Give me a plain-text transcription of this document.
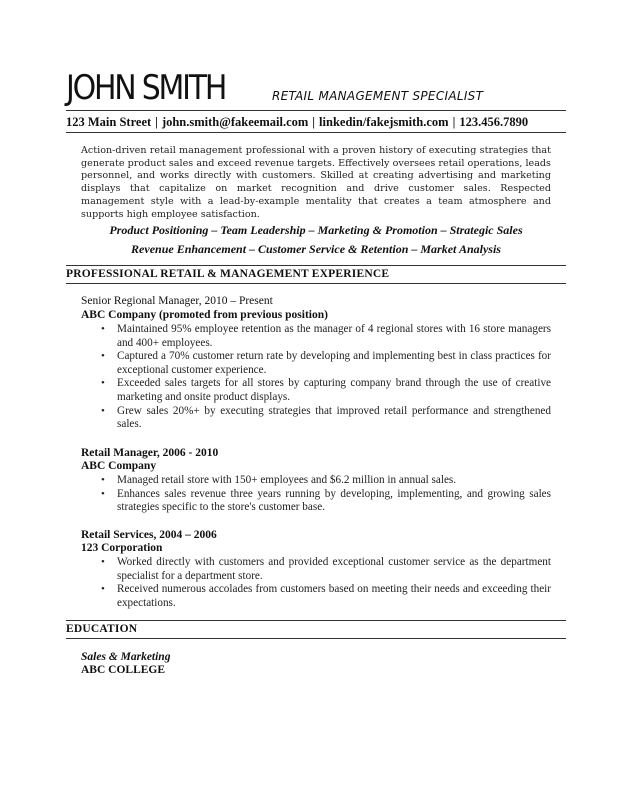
JOHN SMITH	RETAIL MANAGEMENT SPECIALIST
123 Main Street | john.smith@fakeemail.com | linkedin/fakejsmith.com | 123.456.7890
Action-driven retail management professional with a proven history of executing strategies that generate product sales and exceed revenue targets. Effectively oversees retail operations, leads personnel, and works directly with customers. Skilled at creating advertising and marketing displays that capitalize on market recognition and drive customer sales. Respected management style with a lead-by-example mentality that creates a team atmosphere and supports high employee satisfaction.
Product Positioning – Team Leadership – Marketing & Promotion – Strategic Sales
Revenue Enhancement – Customer Service & Retention – Market Analysis
PROFESSIONAL RETAIL & MANAGEMENT EXPERIENCE
Senior Regional Manager, 2010 – Present
ABC Company (promoted from previous position)
• Maintained 95% employee retention as the manager of 4 regional stores with 16 store managers and 400+ employees.
• Captured a 70% customer return rate by developing and implementing best in class practices for exceptional customer experience.
• Exceeded sales targets for all stores by capturing company brand through the use of creative marketing and onsite product displays.
• Grew sales 20%+ by executing strategies that improved retail performance and strengthened sales.
Retail Manager, 2006 - 2010
ABC Company
• Managed retail store with 150+ employees and $6.2 million in annual sales.
• Enhances sales revenue three years running by developing, implementing, and growing sales strategies specific to the store's customer base.
Retail Services, 2004 – 2006
123 Corporation
• Worked directly with customers and provided exceptional customer service as the department specialist for a department store.
• Received numerous accolades from customers based on meeting their needs and exceeding their expectations.
EDUCATION
Sales & Marketing
ABC COLLEGE
